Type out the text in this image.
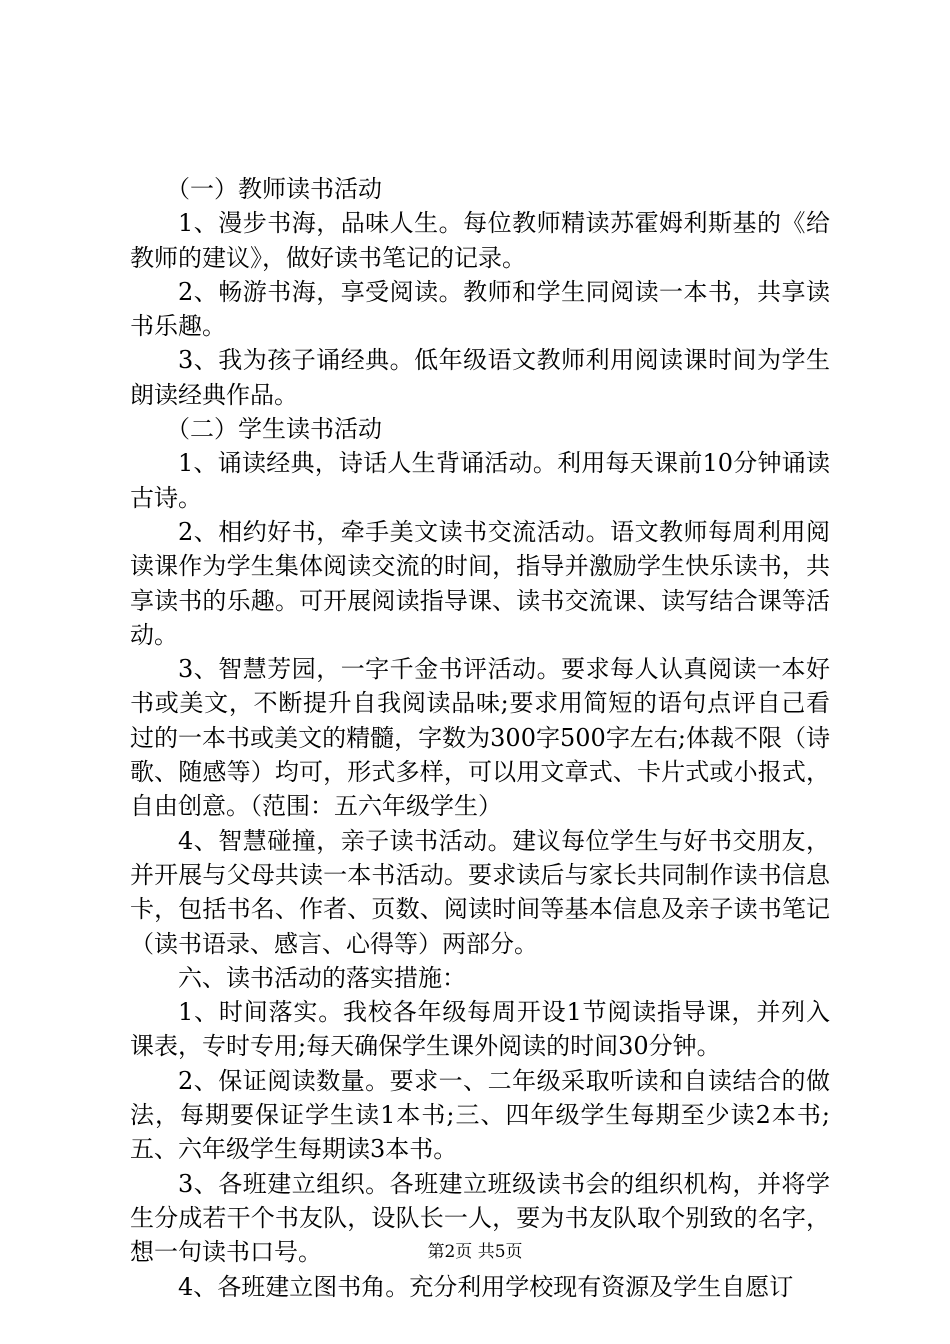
（一）教师读书活动

1、漫步书海，品味人生。每位教师精读苏霍姆利斯基的《给教师的建议》，做好读书笔记的记录。

2、畅游书海，享受阅读。教师和学生同阅读一本书，共享读书乐趣。

3、我为孩子诵经典。低年级语文教师利用阅读课时间为学生朗读经典作品。

（二）学生读书活动

1、诵读经典，诗话人生背诵活动。利用每天课前10分钟诵读古诗。

2、相约好书，牵手美文读书交流活动。语文教师每周利用阅读课作为学生集体阅读交流的时间，指导并激励学生快乐读书，共享读书的乐趣。可开展阅读指导课、读书交流课、读写结合课等活动。

3、智慧芳园，一字千金书评活动。要求每人认真阅读一本好书或美文，不断提升自我阅读品味;要求用简短的语句点评自己看过的一本书或美文的精髓，字数为300字500字左右;体裁不限（诗歌、随感等）均可，形式多样，可以用文章式、卡片式或小报式，自由创意。（范围：五六年级学生）

4、智慧碰撞，亲子读书活动。建议每位学生与好书交朋友，并开展与父母共读一本书活动。要求读后与家长共同制作读书信息卡，包括书名、作者、页数、阅读时间等基本信息及亲子读书笔记（读书语录、感言、心得等）两部分。

六、读书活动的落实措施：

1、时间落实。我校各年级每周开设1节阅读指导课，并列入课表，专时专用;每天确保学生课外阅读的时间30分钟。

2、保证阅读数量。要求一、二年级采取听读和自读结合的做法，每期要保证学生读1本书;三、四年级学生每期至少读2本书;五、六年级学生每期读3本书。

3、各班建立组织。各班建立班级读书会的组织机构，并将学生分成若干个书友队，设队长一人，要为书友队取个别致的名字，想一句读书口号。

4、各班建立图书角。充分利用学校现有资源及学生自愿订

第2页 共5页
